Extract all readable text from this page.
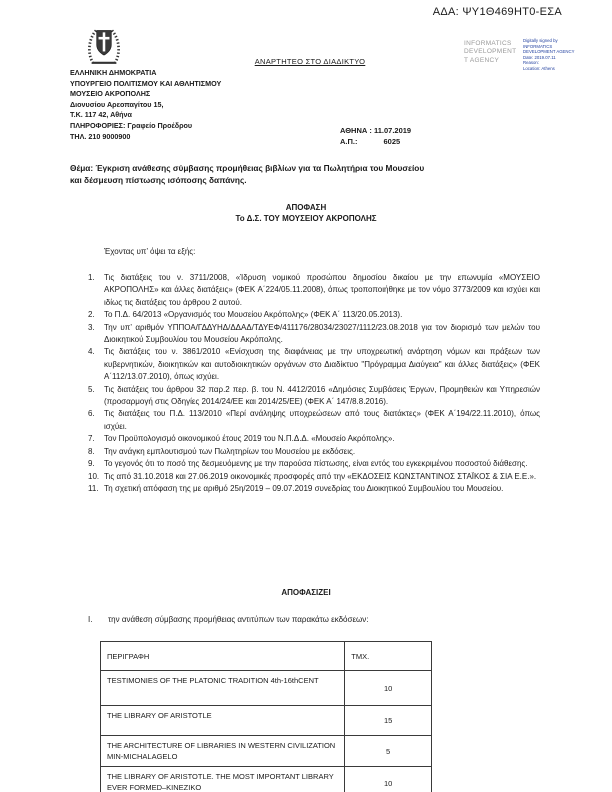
ΑΔΑ: ΨΥ1Θ469ΗΤ0-ΕΣΑ
ΑΝΑΡΤΗΤΕΟ ΣΤΟ ΔΙΑΔΙΚΤΥΟ
INFORMATICS
DEVELOPMENT
T AGENCY
Digitally signed by
INFORMATICS
DEVELOPMENT AGENCY
Date: 2019.07.11
Reason:
Location: Athens
ΕΛΛΗΝΙΚΗ ΔΗΜΟΚΡΑΤΙΑ
ΥΠΟΥΡΓΕΙΟ ΠΟΛΙΤΙΣΜΟΥ ΚΑΙ ΑΘΛΗΤΙΣΜΟΥ
ΜΟΥΣΕΙΟ ΑΚΡΟΠΟΛΗΣ
Διονυσίου Αρεοπαγίτου 15,
Τ.Κ. 117 42, Αθήνα
ΠΛΗΡΟΦΟΡΙΕΣ: Γραφείο Προέδρου
ΤΗΛ. 210 9000900
ΑΘΗΝΑ : 11.07.2019
Α.Π.:	6025
Θέμα: Έγκριση ανάθεσης σύμβασης προμήθειας βιβλίων για τα Πωλητήρια του Μουσείου
και δέσμευση πίστωσης ισόποσης δαπάνης.
ΑΠΟΦΑΣΗ
Το Δ.Σ. ΤΟΥ ΜΟΥΣΕΙΟΥ ΑΚΡΟΠΟΛΗΣ
Έχοντας υπ’ όψει τα εξής:
1.	Τις διατάξεις του ν. 3711/2008, «Ίδρυση νομικού προσώπου δημοσίου δικαίου με την επωνυμία «ΜΟΥΣΕΙΟ ΑΚΡΟΠΟΛΗΣ» και άλλες διατάξεις» (ΦΕΚ Α΄224/05.11.2008), όπως τροποποιήθηκε με τον νόμο 3773/2009 και ισχύει και ιδίως τις διατάξεις του άρθρου 2 αυτού.
2.	Το Π.Δ. 64/2013 «Οργανισμός του Μουσείου Ακρόπολης» (ΦΕΚ Α΄ 113/20.05.2013).
3.	Την υπ’ αριθμόν ΥΠΠΟΑ/ΓΔΔΥΗΔ/ΔΔΑΔ/ΤΔΥΕΦ/411176/28034/23027/1112/23.08.2018 για τον διορισμό των μελών του Διοικητικού Συμβουλίου του Μουσείου Ακρόπολης.
4.	Τις διατάξεις του ν. 3861/2010 «Ενίσχυση της διαφάνειας με την υποχρεωτική ανάρτηση νόμων και πράξεων των κυβερνητικών, διοικητικών και αυτοδιοικητικών οργάνων στο Διαδίκτυο "Πρόγραμμα Διαύγεια" και άλλες διατάξεις» (ΦΕΚ Α΄112/13.07.2010), όπως ισχύει.
5.	Τις διατάξεις του άρθρου 32 παρ.2 περ. β. του Ν. 4412/2016 «Δημόσιες Συμβάσεις Έργων, Προμηθειών και Υπηρεσιών (προσαρμογή στις Οδηγίες 2014/24/ΕΕ και 2014/25/ΕΕ) (ΦΕΚ Α΄ 147/8.8.2016).
6.	Τις διατάξεις του Π.Δ. 113/2010 «Περί ανάληψης υποχρεώσεων από τους διατάκτες» (ΦΕΚ Α΄194/22.11.2010), όπως ισχύει.
7.	Τον Προϋπολογισμό οικονομικού έτους 2019 του Ν.Π.Δ.Δ. «Μουσείο Ακρόπολης».
8.	Την ανάγκη εμπλουτισμού των Πωλητηρίων του Μουσείου με εκδόσεις.
9.	Το γεγονός ότι το ποσό της δεσμευόμενης με την παρούσα πίστωσης, είναι εντός του εγκεκριμένου ποσοστού διάθεσης.
10. Τις από 31.10.2018 και 27.06.2019 οικονομικές προσφορές από την «ΕΚΔΟΣΕΙΣ ΚΩΝΣΤΑΝΤΙΝΟΣ ΣΤΑΪΚΟΣ & ΣΙΑ Ε.Ε.».
11. Τη σχετική απόφαση της με αριθμό 25η/2019 – 09.07.2019 συνεδρίας του Διοικητικού Συμβουλίου του Μουσείου.
ΑΠΟΦΑΣΙΖΕΙ
I.	την ανάθεση σύμβασης προμήθειας αντιτύπων των παρακάτω εκδόσεων:
ΠΕΡΙΓΡΑΦΗ	ΤΜΧ.
TESTIMONIES OF THE PLATONIC TRADITION 4th-16thCENT	10
THE LIBRARY OF ARISTOTLE	15
THE ARCHITECTURE OF LIBRARIES IN WESTERN CIVILIZATION MIN-MICHALAGELO	5
THE LIBRARY OF ARISTOTLE. THE MOST IMPORTANT LIBRARY EVER FORMED–KINEZIKO	10
